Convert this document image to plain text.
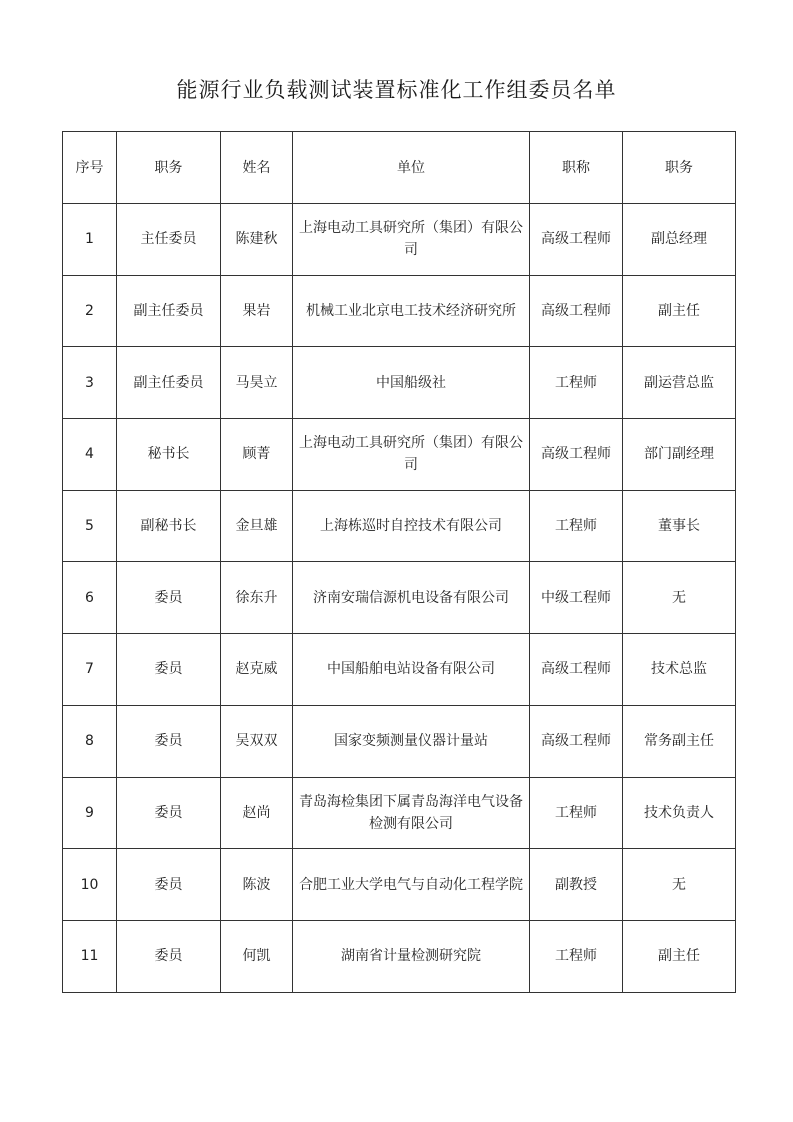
能源行业负载测试装置标准化工作组委员名单
序号	职务	姓名	单位	职称	职务
1	主任委员	陈建秋	上海电动工具研究所（集团）有限公司	高级工程师	副总经理
2	副主任委员	果岩	机械工业北京电工技术经济研究所	高级工程师	副主任
3	副主任委员	马昊立	中国船级社	工程师	副运营总监
4	秘书长	顾菁	上海电动工具研究所（集团）有限公司	高级工程师	部门副经理
5	副秘书长	金旦雄	上海栋巡时自控技术有限公司	工程师	董事长
6	委员	徐东升	济南安瑞信源机电设备有限公司	中级工程师	无
7	委员	赵克威	中国船舶电站设备有限公司	高级工程师	技术总监
8	委员	吴双双	国家变频测量仪器计量站	高级工程师	常务副主任
9	委员	赵尚	青岛海检集团下属青岛海洋电气设备检测有限公司	工程师	技术负责人
10	委员	陈波	合肥工业大学电气与自动化工程学院	副教授	无
11	委员	何凯	湖南省计量检测研究院	工程师	副主任
